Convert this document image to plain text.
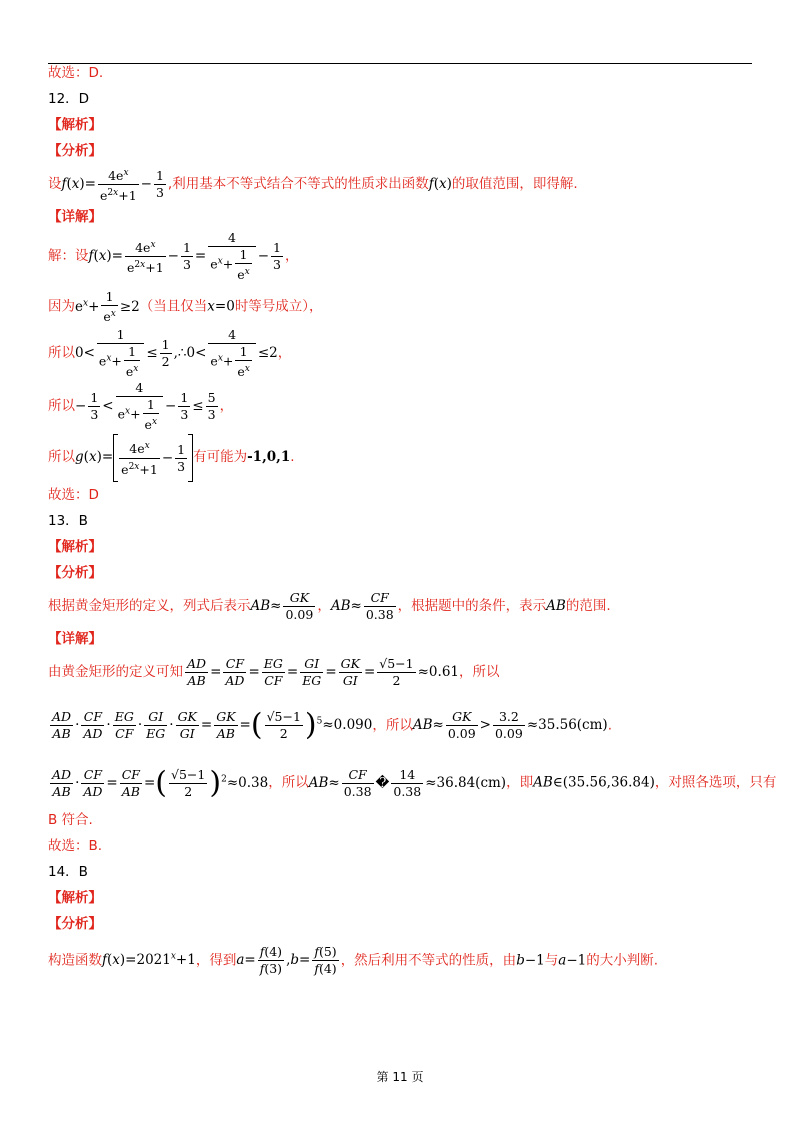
故选：D.

12．D

【解析】

【分析】

设$f(x)= \frac{4e^x}{e^{2x}+1} - \frac{1}{3}$ ,利用基本不等式结合不等式的性质求出函数f(x)的取值范围，即得解.

【详解】

解：设$f(x)= \frac{4e^x}{e^{2x}+1} - \frac{1}{3} = \frac{4}{e^x+ \frac{1}{e^x}} - \frac{1}{3}$ ，

因为$e^x+ \frac{1}{e^x} \ge 2$（当且仅当x=0时等号成立），

所以$0< \frac{1}{e^x+ \frac{1}{e^x}} \le \frac{1}{2}$ ,∴0< $\frac{4}{e^x+ \frac{1}{e^x}} \le 2$，

所以− $\frac{1}{3} < \frac{4}{e^x+ \frac{1}{e^x}} - \frac{1}{3} \le \frac{5}{3}$ ，

所以$g(x)= \frac{4e^x}{e^{2x}+1} - \frac{1}{3}$ 有可能为-1,0,1.

故选：D

13．B

【解析】

【分析】

根据黄金矩形的定义，列式后表示$AB\approx \frac{GK}{0.09}$ ，$AB\approx \frac{CF}{0.38}$ ，根据题中的条件，表示AB的范围.

【详解】

由黄金矩形的定义可知 $\frac{AD}{AB} = \frac{CF}{AD} = \frac{EG}{CF} = \frac{GI}{EG} = \frac{GK}{GI} = \frac{√5-1}{2} \approx 0.61$，所以

$\frac{AD}{AB} \cdot \frac{CF}{AD} \cdot \frac{EG}{CF} \cdot \frac{GI}{EG} \cdot \frac{GK}{GI} = \frac{GK}{AB}$ =( $\frac{√5-1}{2} )^5\approx 0.090$，所以$AB\approx \frac{GK}{0.09} > \frac{3.2}{0.09} \approx 35.56(cm)$.

$\frac{AD}{AB} \cdot \frac{CF}{AD} = \frac{CF}{AB}$ =( $\frac{√5-1}{2} )^2\approx 0.38$，所以$AB\approx \frac{CF}{0.38}$ � $\frac{14}{0.38} \approx 36.84(cm)$，即AB∈(35.56,36.84)，对照各选项，只有

B 符合.

故选：B.

14．B

【解析】

【分析】

构造函数$f(x)=2021^x+1$，得到$a= \frac{f(4)}{f(3)} ,b= \frac{f(5)}{f(4)}$ ，然后利用不等式的性质，由b−1与a−1的大小判断.

第 11 页
